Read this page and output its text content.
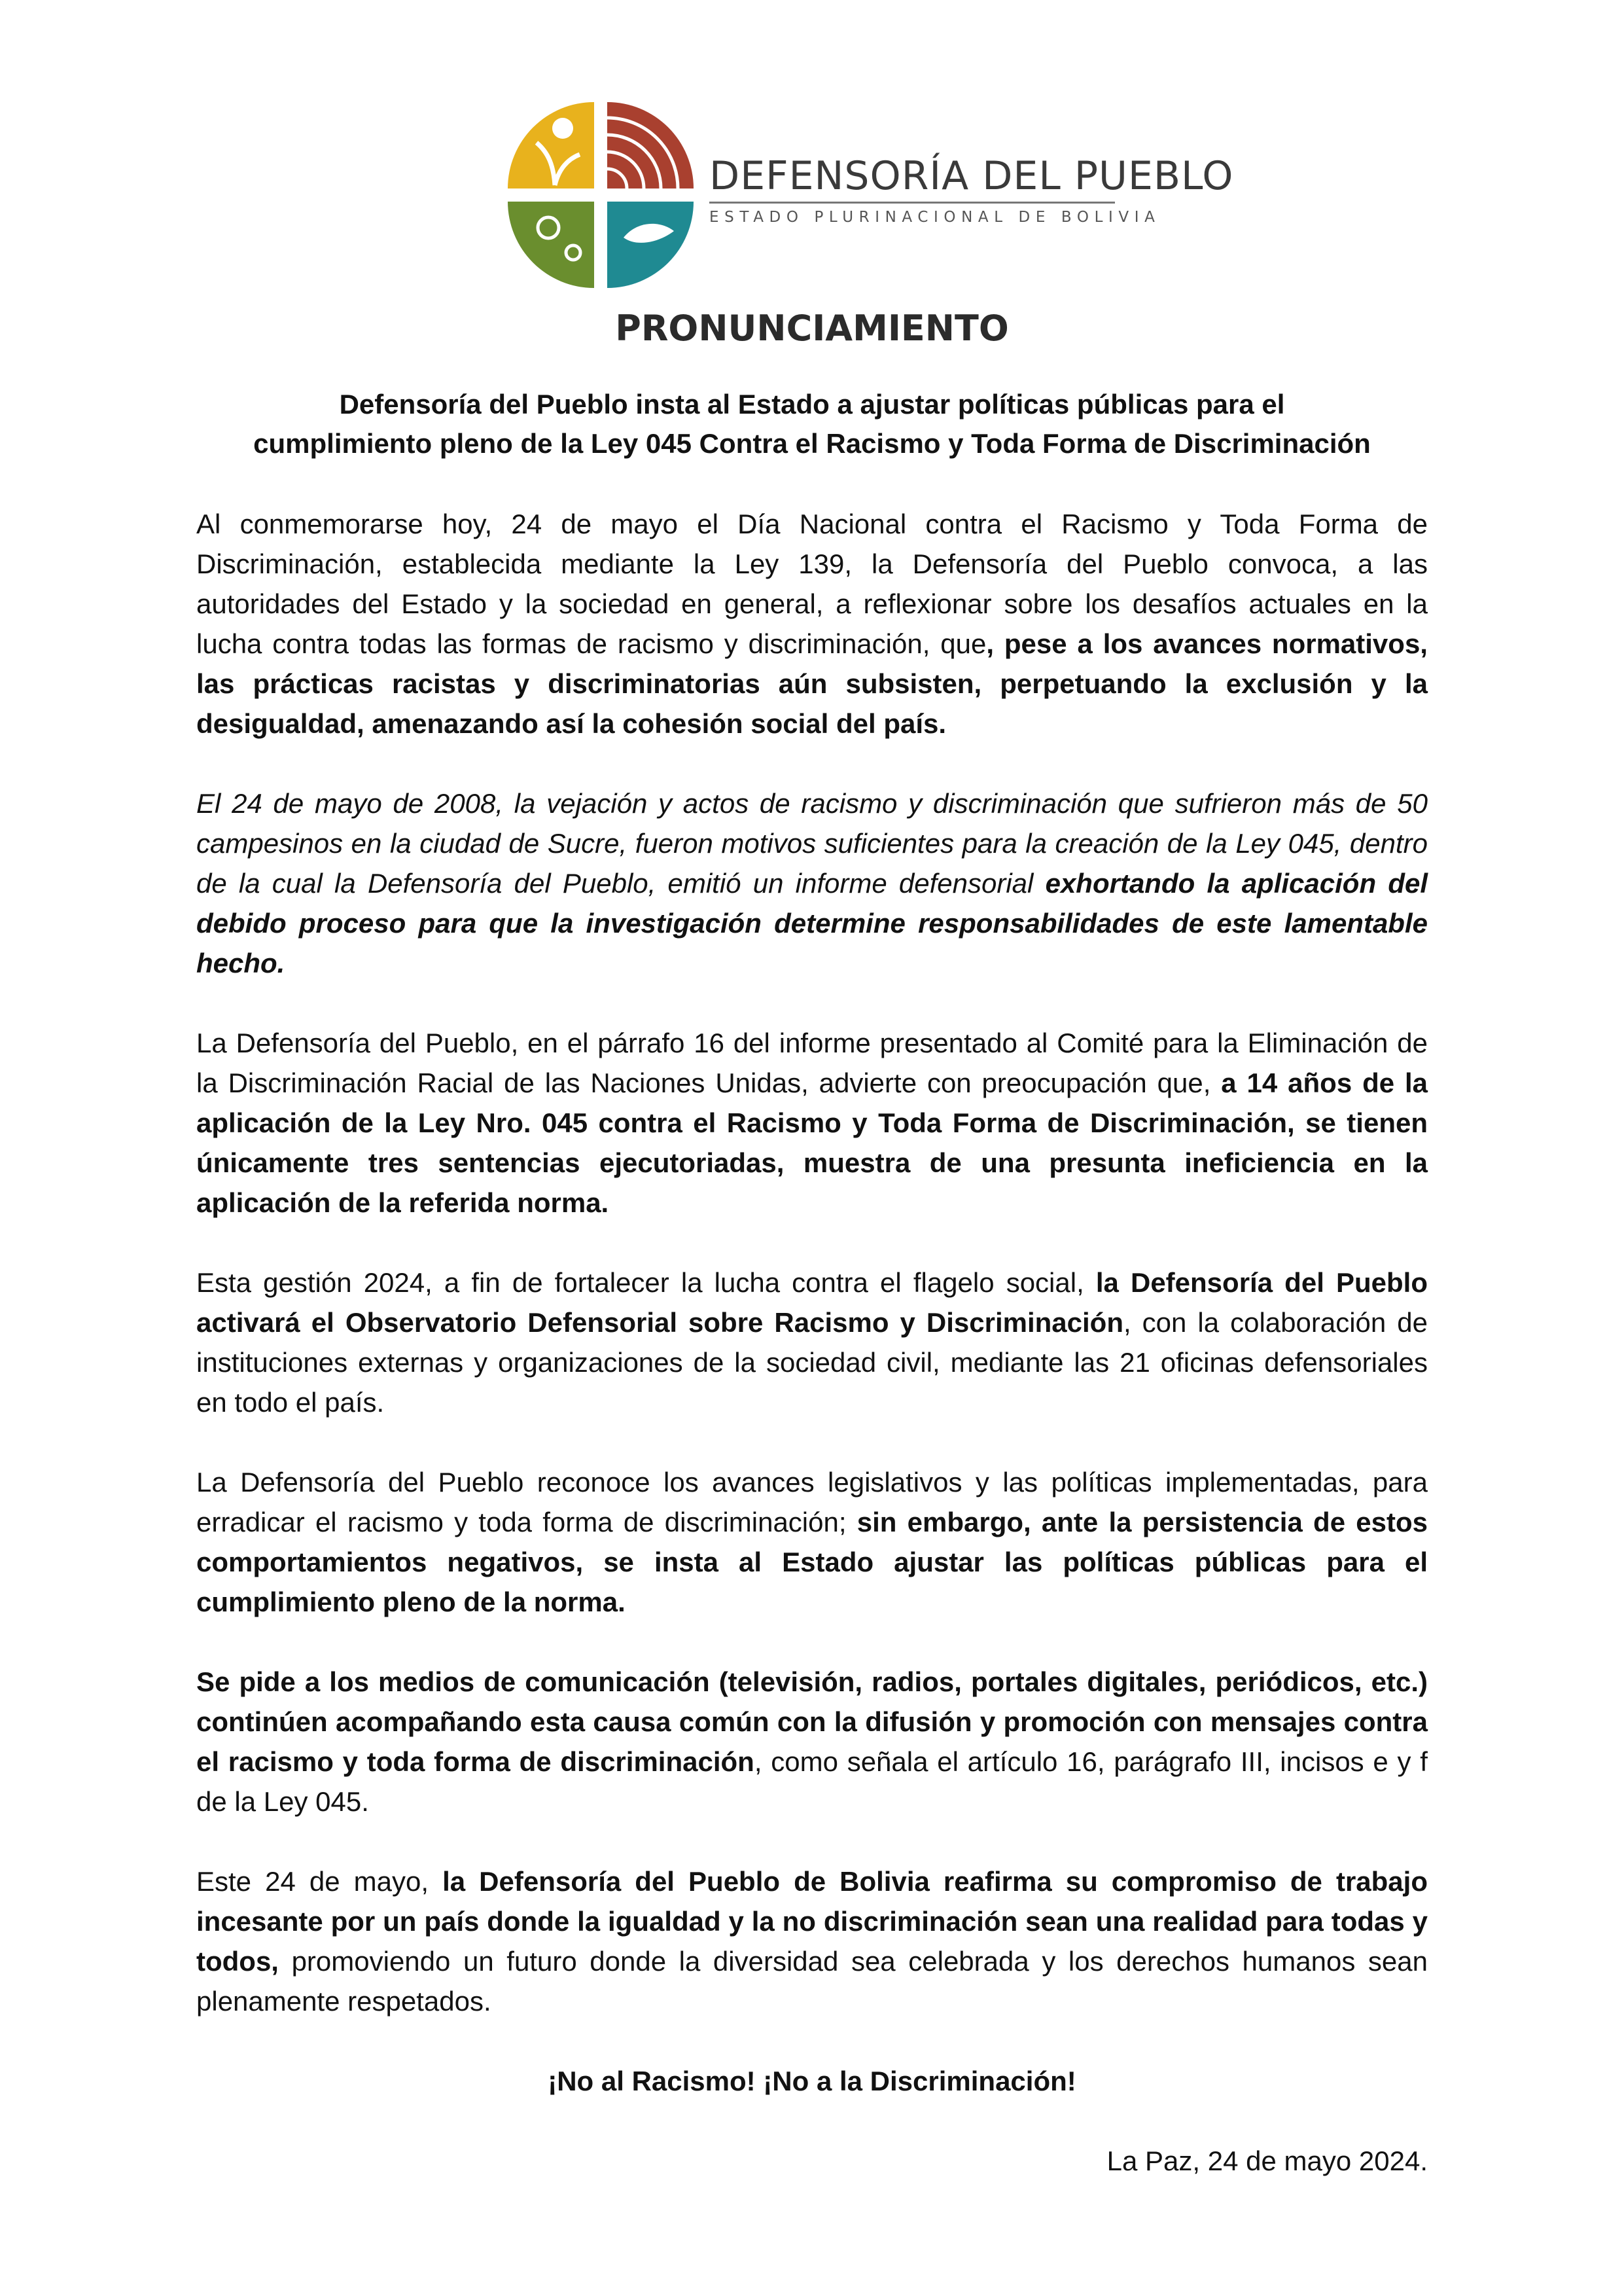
DEFENSORÍA DEL PUEBLO
ESTADO PLURINACIONAL DE BOLIVIA
PRONUNCIAMIENTO
Defensoría del Pueblo insta al Estado a ajustar políticas públicas para el
cumplimiento pleno de la Ley 045 Contra el Racismo y Toda Forma de Discriminación

Al conmemorarse hoy, 24 de mayo el Día Nacional contra el Racismo y Toda Forma de Discriminación, establecida mediante la Ley 139, la Defensoría del Pueblo convoca, a las autoridades del Estado y la sociedad en general, a reflexionar sobre los desafíos actuales en la lucha contra todas las formas de racismo y discriminación, que, pese a los avances normativos, las prácticas racistas y discriminatorias aún subsisten, perpetuando la exclusión y la desigualdad, amenazando así la cohesión social del país.

El 24 de mayo de 2008, la vejación y actos de racismo y discriminación que sufrieron más de 50 campesinos en la ciudad de Sucre, fueron motivos suficientes para la creación de la Ley 045, dentro de la cual la Defensoría del Pueblo, emitió un informe defensorial exhortando la aplicación del debido proceso para que la investigación determine responsabilidades de este lamentable hecho.

La Defensoría del Pueblo, en el párrafo 16 del informe presentado al Comité para la Eliminación de la Discriminación Racial de las Naciones Unidas, advierte con preocupación que, a 14 años de la aplicación de la Ley Nro. 045 contra el Racismo y Toda Forma de Discriminación, se tienen únicamente tres sentencias ejecutoriadas, muestra de una presunta ineficiencia en la aplicación de la referida norma.

Esta gestión 2024, a fin de fortalecer la lucha contra el flagelo social, la Defensoría del Pueblo activará el Observatorio Defensorial sobre Racismo y Discriminación, con la colaboración de instituciones externas y organizaciones de la sociedad civil, mediante las 21 oficinas defensoriales en todo el país.

La Defensoría del Pueblo reconoce los avances legislativos y las políticas implementadas, para erradicar el racismo y toda forma de discriminación; sin embargo, ante la persistencia de estos comportamientos negativos, se insta al Estado ajustar las políticas públicas para el cumplimiento pleno de la norma.

Se pide a los medios de comunicación (televisión, radios, portales digitales, periódicos, etc.) continúen acompañando esta causa común con la difusión y promoción con mensajes contra el racismo y toda forma de discriminación, como señala el artículo 16, parágrafo III, incisos e y f de la Ley 045.

Este 24 de mayo, la Defensoría del Pueblo de Bolivia reafirma su compromiso de trabajo incesante por un país donde la igualdad y la no discriminación sean una realidad para todas y todos, promoviendo un futuro donde la diversidad sea celebrada y los derechos humanos sean plenamente respetados.

¡No al Racismo! ¡No a la Discriminación!

La Paz, 24 de mayo 2024.
